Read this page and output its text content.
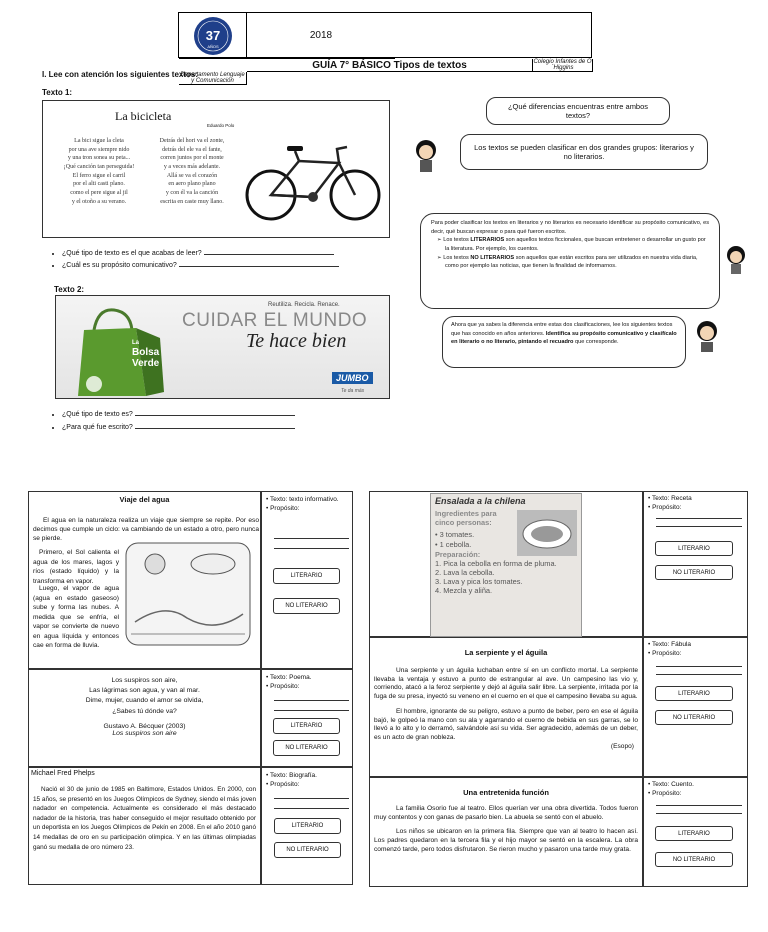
37
AÑOS
GUÍA 7° BÁSICO Tipos de textos
2018
Colegio Infantes de O´Higgins
Departamento Lenguaje y Comunicación
I. Lee con atención los siguientes textos:
Texto 1:
La bicicleta
Eduardo Polo
La bici sigue la cleta
por una ave siempre nido
y una tron sonea su peta...
¡Qué canción tan perseguida!
El ferro sigue el carril
por el alti casti plano.
como el pere sigue al jil
y el otoño a su verano.
Detrás del hori va el zonte,
detrás del ele va el fante,
corren juntos por el monte
y a veces más adelante.
Allá se va el corazón
en aero plano plano
y con él va la canción
escrita en caste muy llano.
• ¿Qué tipo de texto es el que acabas de leer?
• ¿Cuál es su propósito comunicativo?
Texto 2:
La
Bolsa
Verde
Reutiliza. Recicla. Renace.
CUIDAR EL MUNDO
Te hace bien
JUMBO
Te da más
• ¿Qué tipo de texto es?
• ¿Para qué fue escrito?
¿Qué diferencias encuentras entre ambos textos?
Los textos se pueden clasificar en dos grandes grupos: literarios y no literarios.
Para poder clasificar los textos en literarios y no literarios es necesario identificar su propósito comunicativo, es decir, qué buscan expresar o para qué fueron escritos.
➢ Los textos LITERARIOS son aquellos textos ficcionales, que buscan entretener o desarrollar un gusto por la literatura. Por ejemplo, los cuentos.
➢ Los textos NO LITERARIOS son aquellos que están escritos para ser utilizados en nuestra vida diaria, como por ejemplo las noticias, que tienen la finalidad de informarnos.
Ahora que ya sabes la diferencia entre estas dos clasificaciones, lee los siguientes textos que has conocido en años anteriores. Identifica su propósito comunicativo y clasifícalo en literario o no literario, pintando el recuadro que corresponde.
Viaje del agua
El agua en la naturaleza realiza un viaje que siempre se repite. Por eso decimos que cumple un ciclo: va cambiando de un estado a otro, pero nunca se pierde.
Primero, el Sol calienta el agua de los mares, lagos y ríos (estado líquido) y la transforma en vapor.
Luego, el vapor de agua (agua en estado gaseoso) sube y forma las nubes. A medida que se enfría, el vapor se convierte de nuevo en agua líquida y entonces cae en forma de lluvia.
• Texto: texto informativo.
• Propósito:
LITERARIO
NO LITERARIO
Los suspiros son aire,
Las lágrimas son agua, y van al mar.
Dime, mujer, cuando el amor se olvida,
¿Sabes tú dónde va?
Gustavo A. Bécquer (2003)
Los suspiros son aire
• Texto: Poema.
• Propósito:
LITERARIO
NO LITERARIO
Michael Fred Phelps
Nació el 30 de junio de 1985 en Baltimore, Estados Unidos. En 2000, con 15 años, se presentó en los Juegos Olímpicos de Sydney, siendo el más joven nadador en competencia. Actualmente es considerado el más destacado nadador de la historia, tras haber conseguido el mejor resultado obtenido por un deportista en los Juegos Olímpicos de Pekín en 2008. En el año 2010 ganó 14 medallas de oro en su participación olímpica. Y en las últimas olimpiadas ganó su medalla de oro número 23.
• Texto: Biografía.
• Propósito:
LITERARIO
NO LITERARIO
Ensalada a la chilena
Ingredientes para cinco personas:
• 3 tomates.
• 1 cebolla.
Preparación:
1. Pica la cebolla en forma de pluma.
2. Lava la cebolla.
3. Lava y pica los tomates.
4. Mezcla y aliña.
• Texto: Receta
• Propósito:
LITERARIO
NO LITERARIO
La serpiente y el águila
Una serpiente y un águila luchaban entre sí en un conflicto mortal. La serpiente llevaba la ventaja y estuvo a punto de estrangular al ave. Un campesino las vio y, corriendo, atacó a la feroz serpiente y dejó al águila salir libre. La serpiente, irritada por la fuga de su presa, inyectó su veneno en el cuerno en el que el campesino llevaba su agua.
El hombre, ignorante de su peligro, estuvo a punto de beber, pero en ese el águila bajó, le golpeó la mano con su ala y agarrando el cuerno de bebida en sus garras, se lo llevó a lo alto y lo derramó, salvándole así su vida. Ser agradecido, además de un deber, es un acto de gran nobleza.
(Esopo)
• Texto: Fábula
• Propósito:
LITERARIO
NO LITERARIO
Una entretenida función
La familia Osorio fue al teatro. Ellos querían ver una obra divertida. Todos fueron muy contentos y con ganas de pasarlo bien. La abuela se sentó con el abuelo.
Los niños se ubicaron en la primera fila. Siempre que van al teatro lo hacen así. Los padres quedaron en la tercera fila y el hijo mayor se sentó en la escalera. La obra comenzó tarde, pero todos disfrutaron. Se rieron mucho y pasaron una tarde muy grata.
• Texto: Cuento.
• Propósito:
LITERARIO
NO LITERARIO
